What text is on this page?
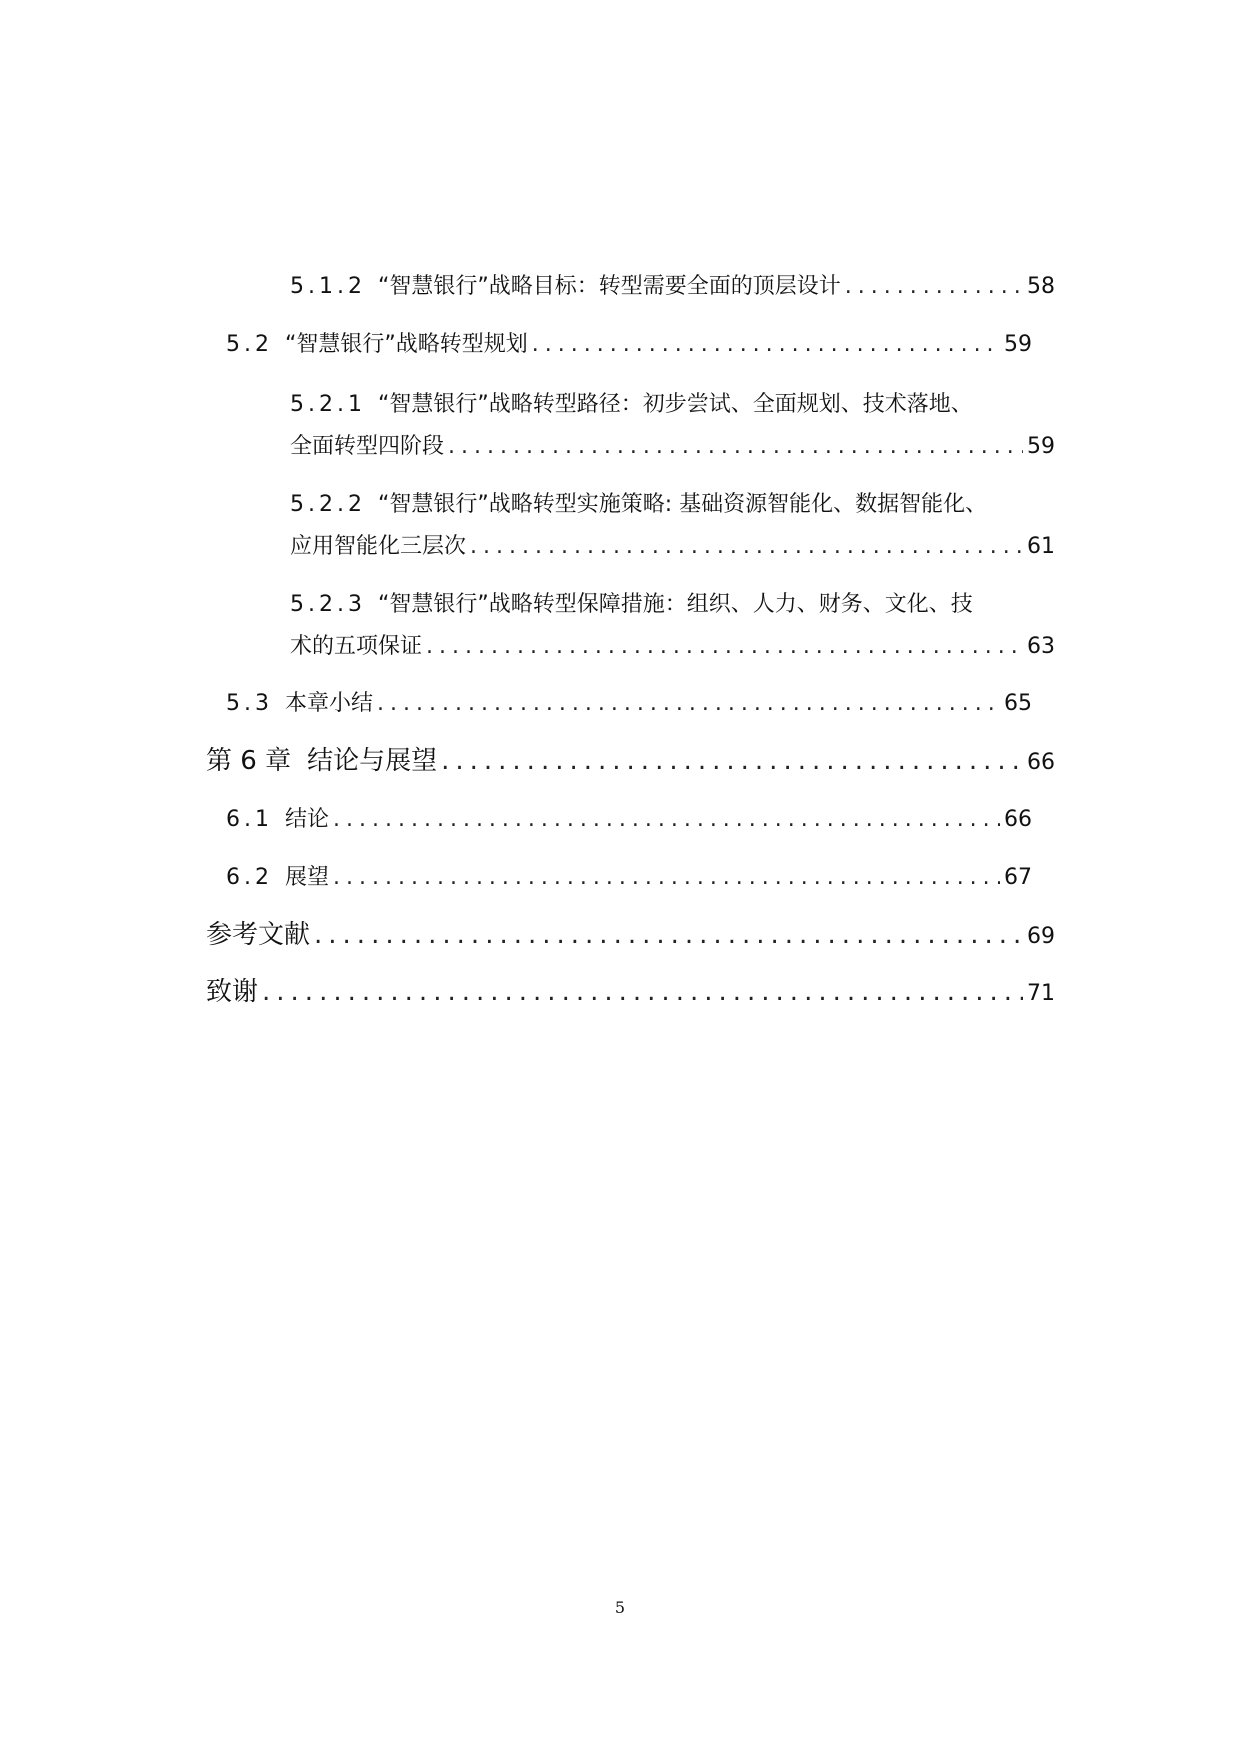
5.1.2 “智慧银行”战略目标：转型需要全面的顶层设计 .....	58
5.2 “智慧银行”战略转型规划 .....	59
5.2.1 “智慧银行”战略转型路径：初步尝试、全面规划、技术落地、
全面转型四阶段 .....	59
5.2.2 “智慧银行”战略转型实施策略: 基础资源智能化、数据智能化、
应用智能化三层次 .....	61
5.2.3 “智慧银行”战略转型保障措施：组织、人力、财务、文化、技
术的五项保证 .....	63
5.3 本章小结 .....	65
第 6 章 结论与展望 .....	66
6.1 结论 .....	66
6.2 展望 .....	67
参考文献 .....	69
致谢 .....	71
5
